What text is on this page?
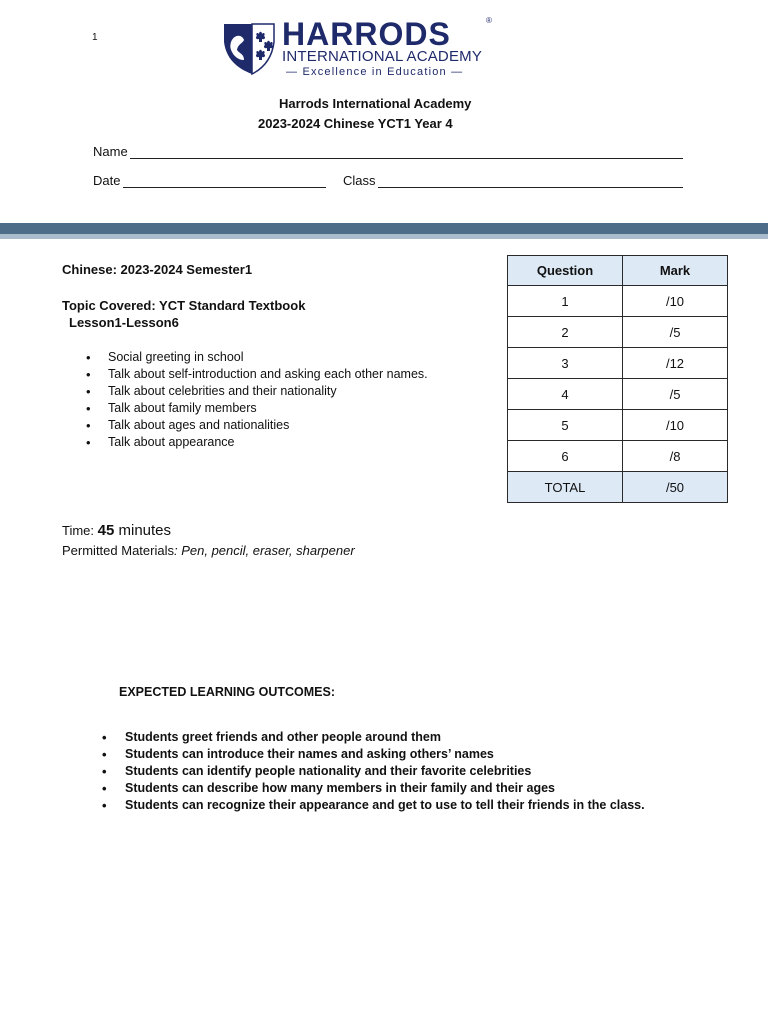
1	HARRODS	®
INTERNATIONAL ACADEMY
— Excellence in Education —
Harrods International Academy
2023-2024 Chinese YCT1 Year 4
Name
Date	Class
Chinese: 2023-2024 Semester1
Topic Covered: YCT Standard Textbook
Lesson1-Lesson6
• Social greeting in school
• Talk about self-introduction and asking each other names.
• Talk about celebrities and their nationality
• Talk about family members
• Talk about ages and nationalities
• Talk about appearance
Question	Mark
1	/10
2	/5
3	/12
4	/5
5	/10
6	/8
TOTAL	/50
Time: 45 minutes
Permitted Materials: Pen, pencil, eraser, sharpener
EXPECTED LEARNING OUTCOMES:
• Students greet friends and other people around them
• Students can introduce their names and asking others’ names
• Students can identify people nationality and their favorite celebrities
• Students can describe how many members in their family and their ages
• Students can recognize their appearance and get to use to tell their friends in the class.
